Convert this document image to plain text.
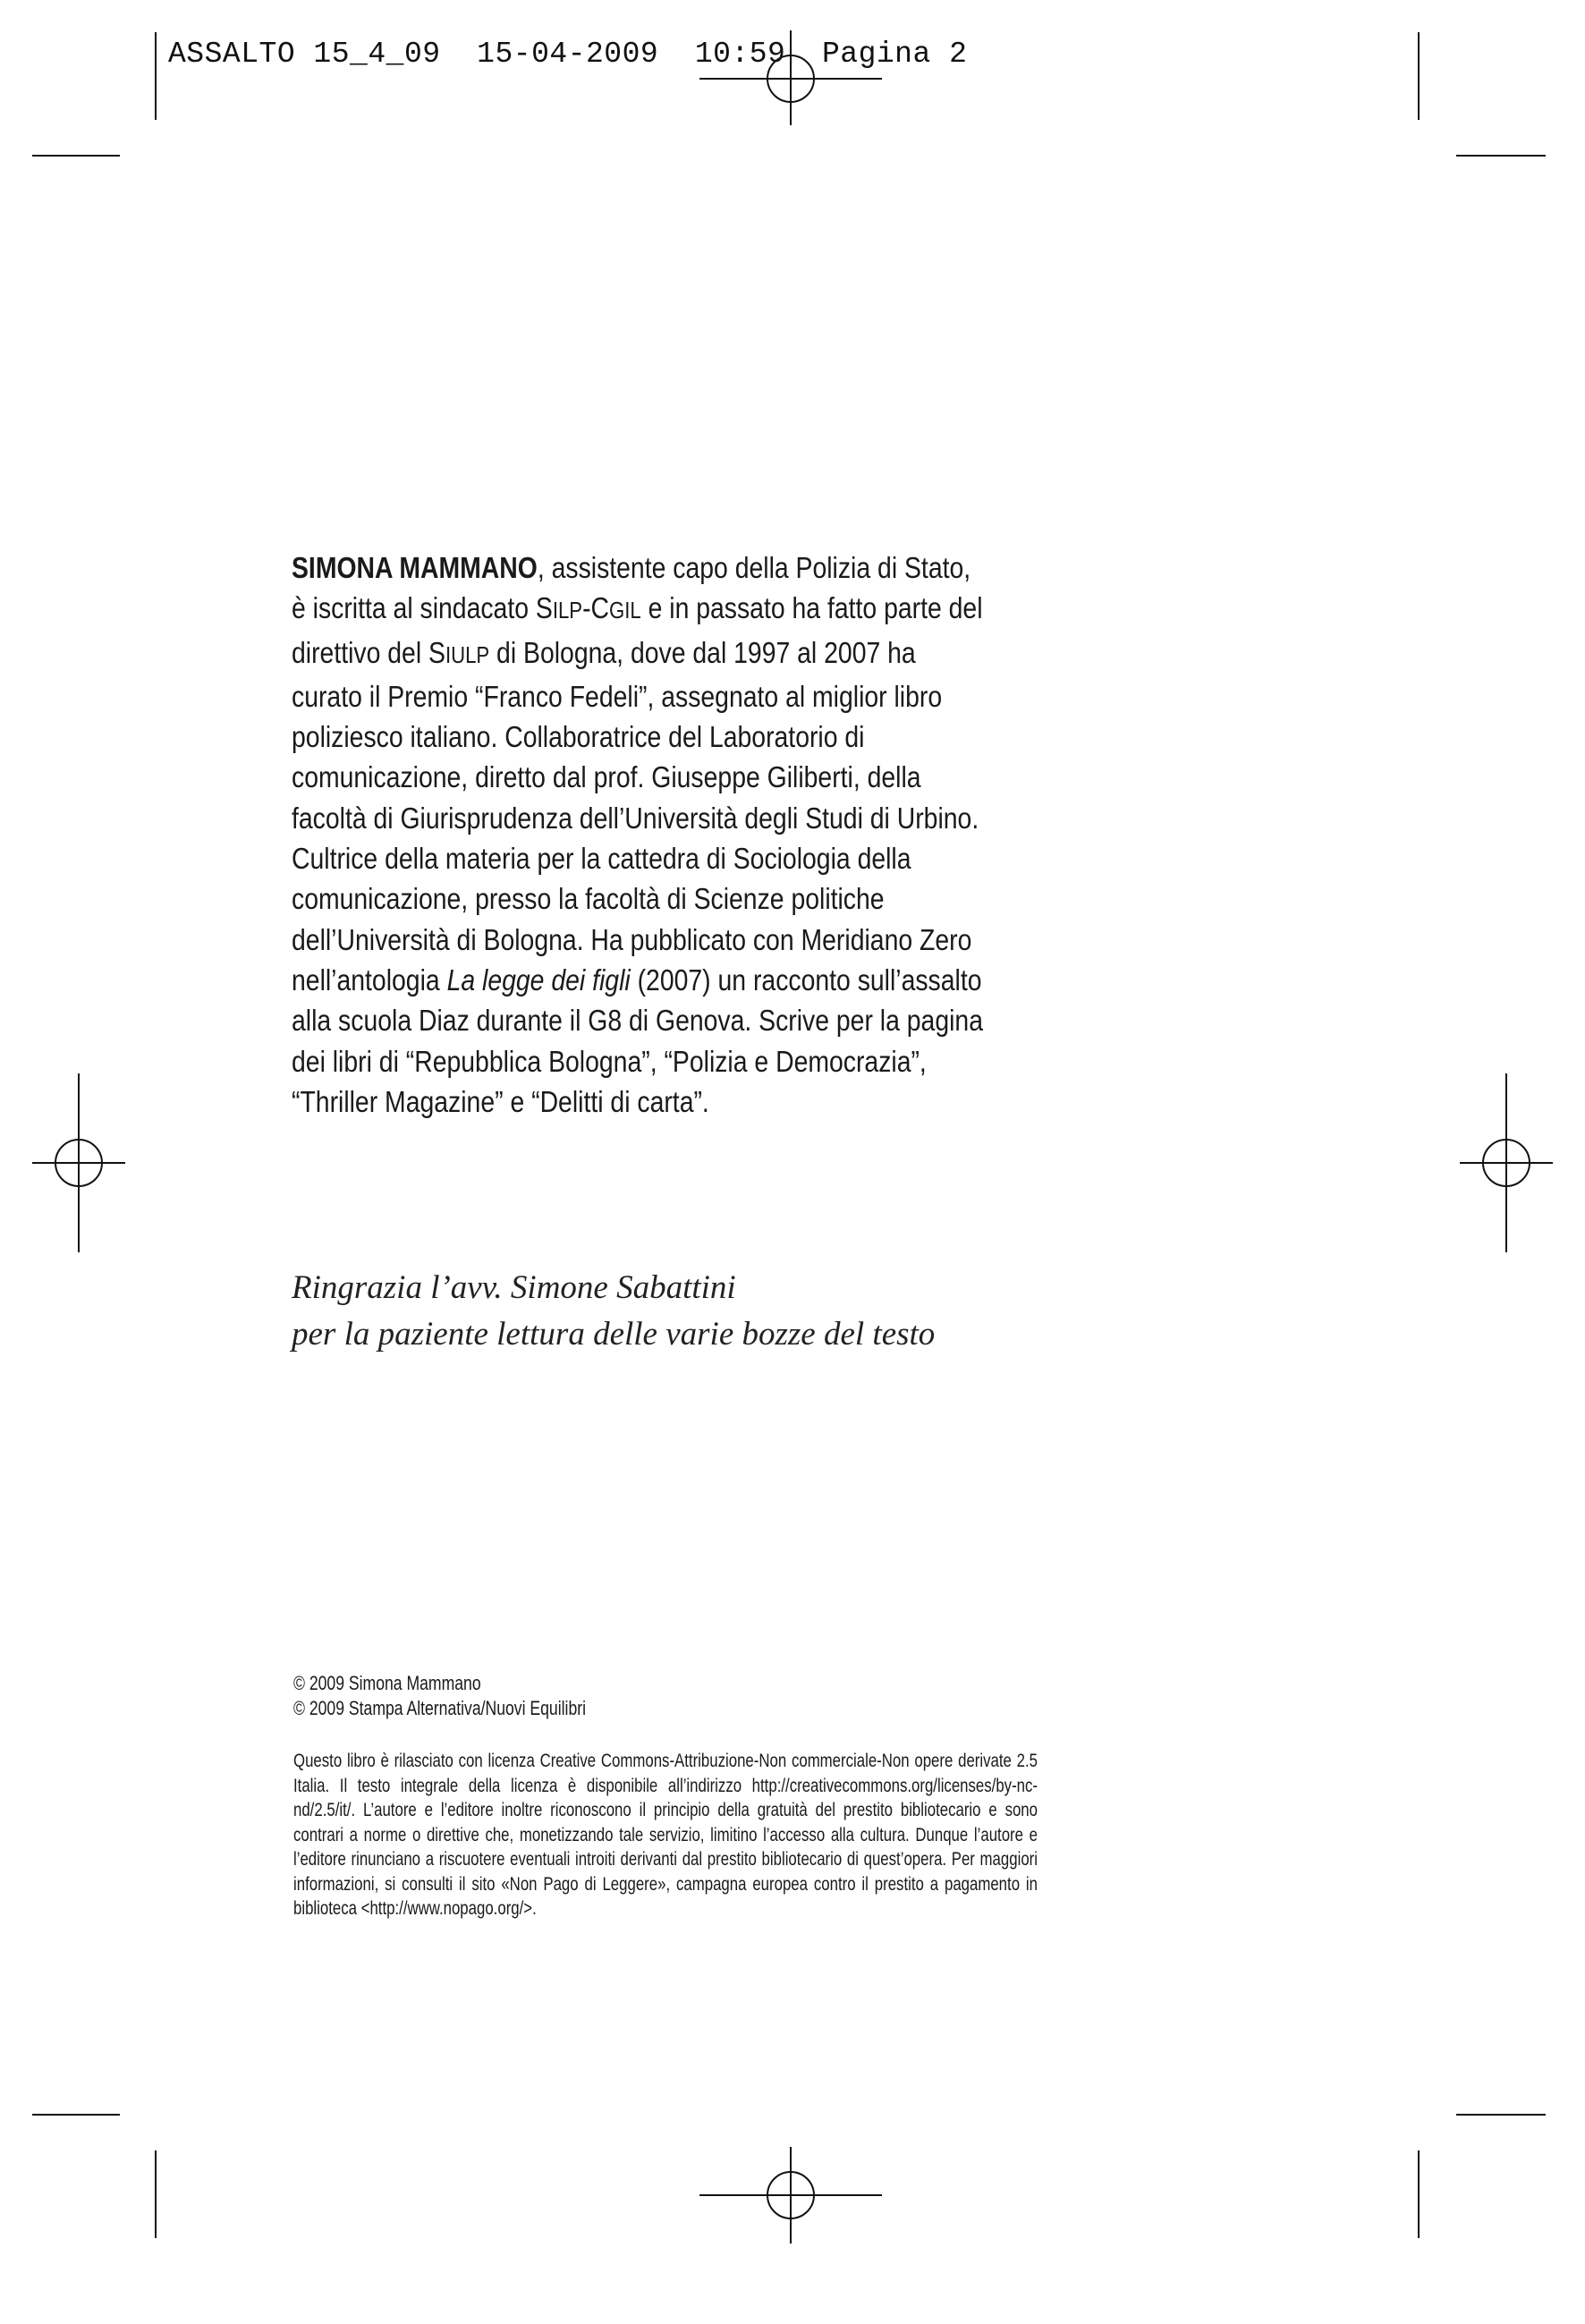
ASSALTO 15_4_09 15-04-2009 10:59 Pagina 2

SIMONA MAMMANO, assistente capo della Polizia di Stato, è iscritta al sindacato SILP-CGIL e in passato ha fatto parte del direttivo del SIULP di Bologna, dove dal 1997 al 2007 ha curato il Premio “Franco Fedeli”, assegnato al miglior libro poliziesco italiano. Collaboratrice del Laboratorio di comunicazione, diretto dal prof. Giuseppe Giliberti, della facoltà di Giurisprudenza dell’Università degli Studi di Urbino. Cultrice della materia per la cattedra di Sociologia della comunicazione, presso la facoltà di Scienze politiche dell’Università di Bologna. Ha pubblicato con Meridiano Zero nell’antologia La legge dei figli (2007) un racconto sull’assalto alla scuola Diaz durante il G8 di Genova. Scrive per la pagina dei libri di “Repubblica Bologna”, “Polizia e Democrazia”, “Thriller Magazine” e “Delitti di carta”.

Ringrazia l’avv. Simone Sabattini
per la paziente lettura delle varie bozze del testo
© 2009 Simona Mammano
© 2009 Stampa Alternativa/Nuovi Equilibri
Questo libro è rilasciato con licenza Creative Commons-Attribuzione-Non commerciale-Non opere derivate 2.5 Italia. Il testo integrale della licenza è disponibile all’indirizzo http://creativecommons.org/licenses/by-nc-nd/2.5/it/. L’autore e l’editore inoltre riconoscono il principio della gratuità del prestito bibliotecario e sono contrari a norme o direttive che, monetizzando tale servizio, limitino l’accesso alla cultura. Dunque l’autore e l’editore rinunciano a riscuotere eventuali introiti derivanti dal prestito bibliotecario di quest’opera. Per maggiori informazioni, si consulti il sito «Non Pago di Leggere», campagna europea contro il prestito a pagamento in biblioteca <http://www.nopago.org/>.
